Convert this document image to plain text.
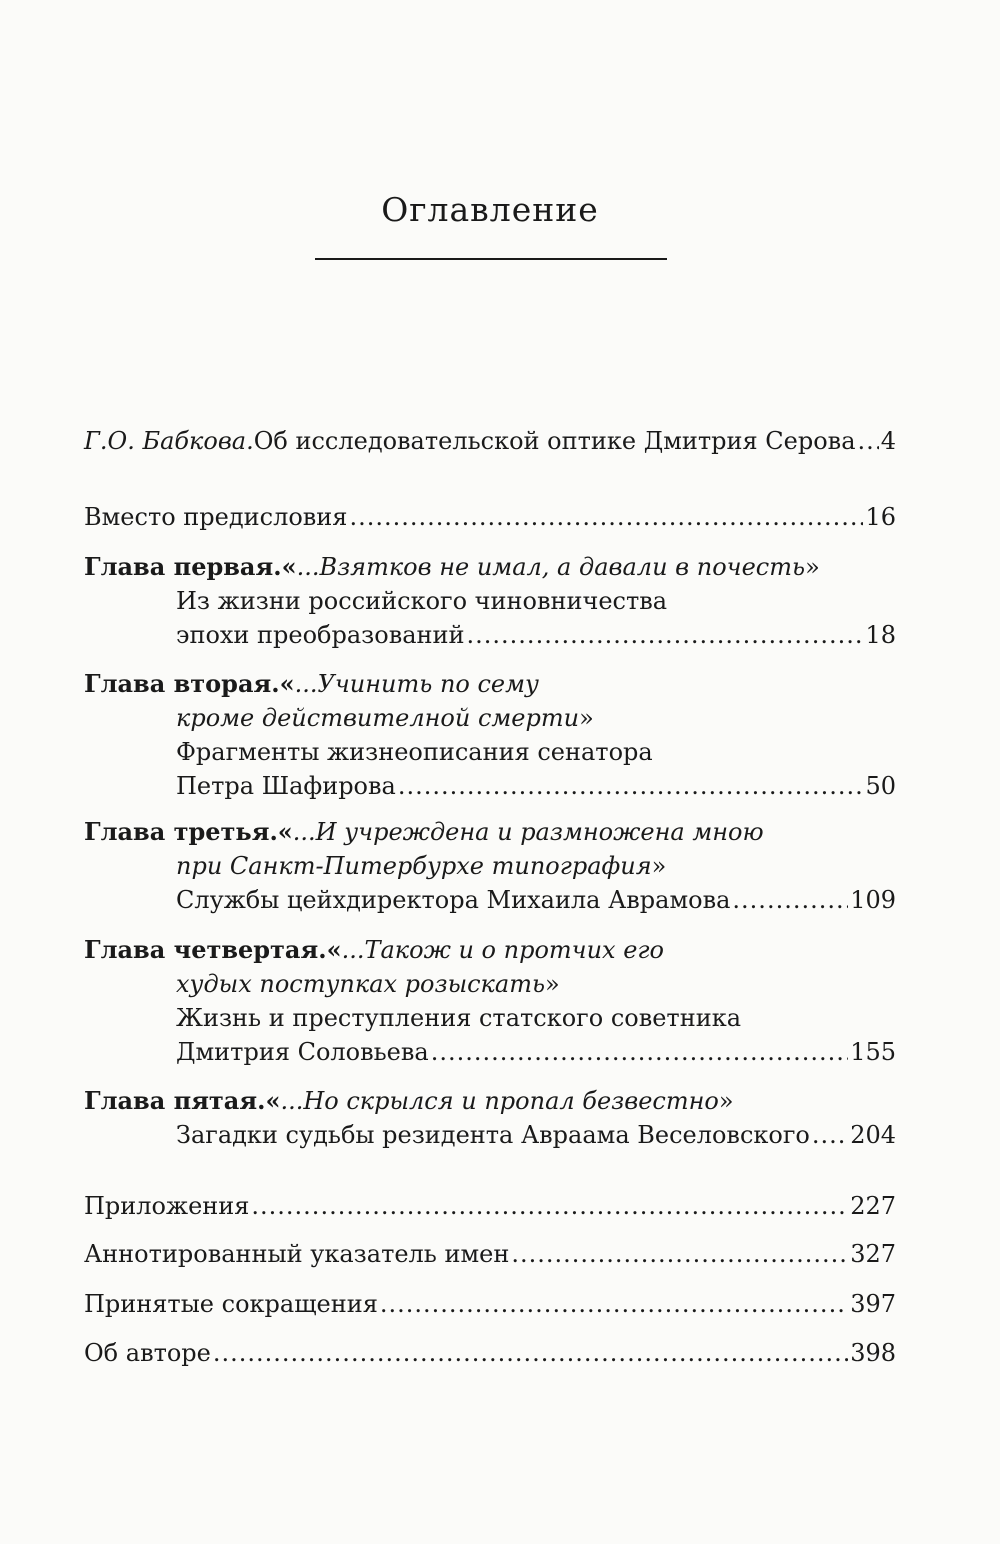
Оглавление
Г.О. Бабкова. Об исследовательской оптике Дмитрия Серова ..... 4
Вместо предисловия .....	16
Глава первая. « ...Взятков не имал, а давали в почесть »
Из жизни российского чиновничества
эпохи преобразований .....	18
Глава вторая. « ...Учинить по сему
кроме действителной смерти »
Фрагменты жизнеописания сенатора
Петра Шафирова .....	50
Глава третья. « ...И учреждена и размножена мною
при Санкт-Питербурхе типография »
Службы цейхдиректора Михаила Аврамова .....	109
Глава четвертая. « ...Також и о протчих его
худых поступках розыскать »
Жизнь и преступления статского советника
Дмитрия Соловьева .....	155
Глава пятая. « ...Но скрылся и пропал безвестно »
Загадки судьбы резидента Авраама Веселовского ..... 204
Приложения .....	227
Аннотированный указатель имен .....	327
Принятые сокращения .....	397
Об авторе .....	398
